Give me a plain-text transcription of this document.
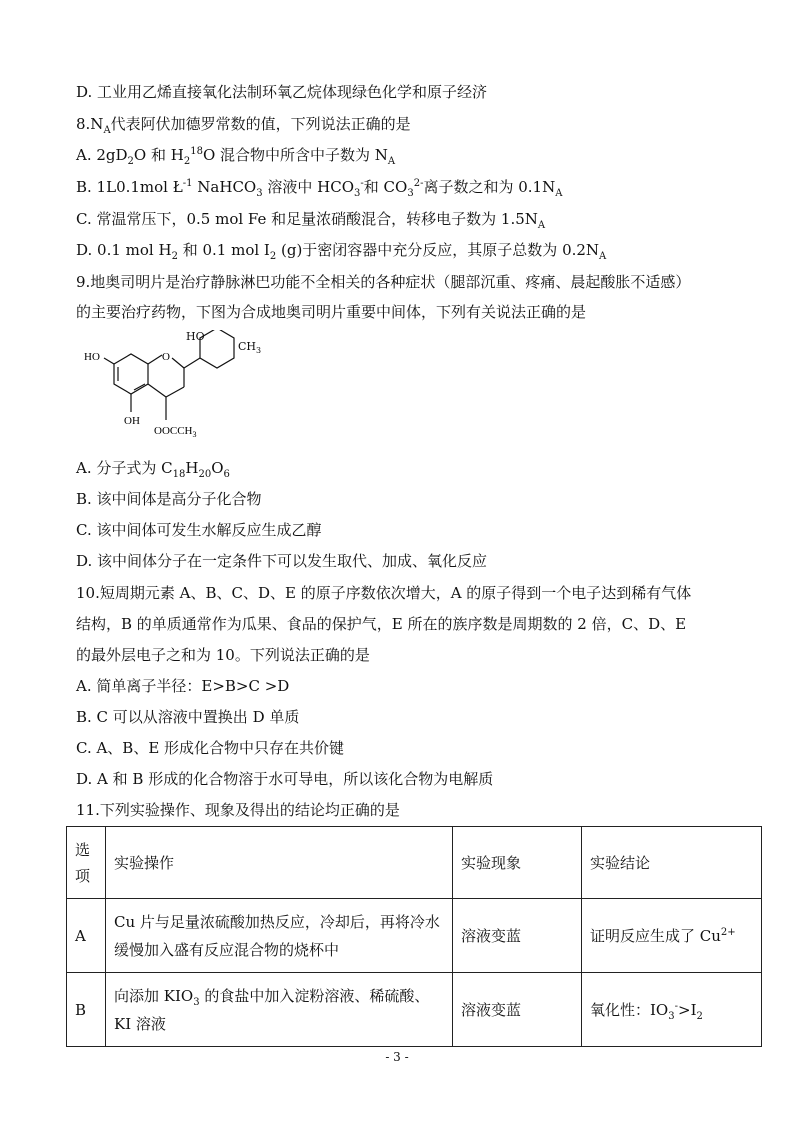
D. 工业用乙烯直接氧化法制环氧乙烷体现绿色化学和原子经济
$8.N_A$代表阿伏加德罗常数的值，下列说法正确的是
A. $2gD_2O$ 和 $H_2^{18}O$ 混合物中所含中子数为 $N_A$
B. 1L0.1mol $Ł^{-1}$ NaHCO$_3$ 溶液中 $HCO_3^-$和 $CO_3^{2-}$离子数之和为 $0.1N_A$
C. 常温常压下，0.5 mol Fe 和足量浓硝酸混合，转移电子数为 $1.5N_A$
D. 0.1 mol $H_2$ 和 0.1 mol $I_2$ (g)于密闭容器中充分反应，其原子总数为 $0.2N_A$
9.地奥司明片是治疗静脉淋巴功能不全相关的各种症状（腿部沉重、疼痛、晨起酸胀不适感）
的主要治疗药物，下图为合成地奥司明片重要中间体，下列有关说法正确的是
HO	O
OH
$OOCCH_3$
HO
$CH_3$
A. 分子式为 $C_{18}H_{20}O_6$
B. 该中间体是高分子化合物
C. 该中间体可发生水解反应生成乙醇
D. 该中间体分子在一定条件下可以发生取代、加成、氧化反应
10.短周期元素 A、B、C、D、E 的原子序数依次增大，A 的原子得到一个电子达到稀有气体
结构，B 的单质通常作为瓜果、食品的保护气，E 所在的族序数是周期数的 2 倍，C、D、E
的最外层电子之和为 10。下列说法正确的是
A. 简单离子半径：E>B>C >D
B. C 可以从溶液中置换出 D 单质
C. A、B、E 形成化合物中只存在共价键
D. A 和 B 形成的化合物溶于水可导电，所以该化合物为电解质
11.下列实验操作、现象及得出的结论均正确的是
选项	实验操作	实验现象	实验结论
A	Cu 片与足量浓硫酸加热反应，冷却后，再将冷水缓慢加入盛有反应混合物的烧杯中	溶液变蓝	证明反应生成了 $Cu^{2+}$
B	向添加 $KIO_3$ 的食盐中加入淀粉溶液、稀硫酸、KI 溶液	溶液变蓝	氧化性：$IO_3^->I_2$
- 3 -
